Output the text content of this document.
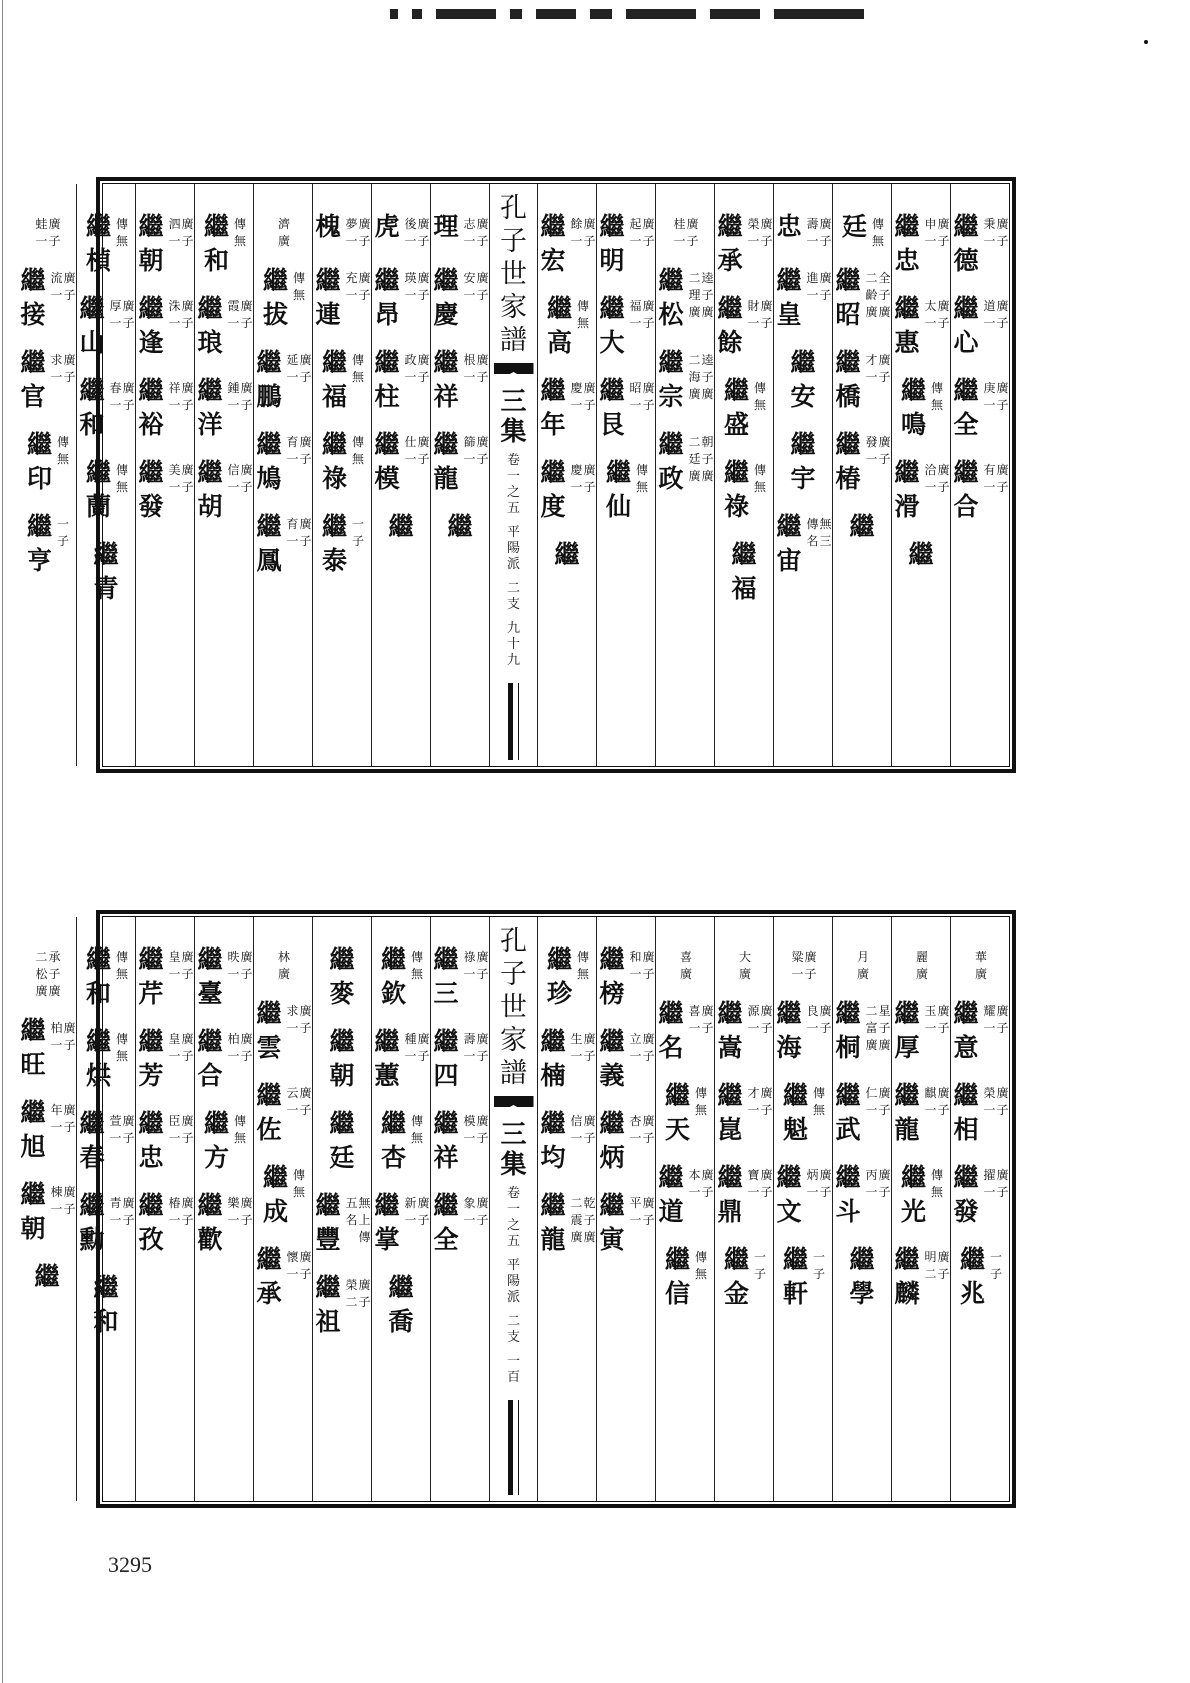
繼
德
廣
子
秉
一
繼
心
廣
子
道
一
繼
全
廣
子
庚
一
繼
合
廣
子
有
一
繼
忠
廣
子
申
一
繼
惠
廣
子
太
一
繼
鳴
傳
無
繼
滑
廣
子
洽
一
繼
廷 傳
無
繼
昭
全
子
廣
二
齡
廣
繼
橋
廣
子
才
一
繼
椿
廣
子
發
一
繼
忠 廣
子
壽
一
繼
皇
廣
子
進
一
繼
安
繼
宇
繼
宙
無
三
傳
名
繼
承
廣
子
榮
一
繼
餘
廣
子
財
一
繼
盛
傳
無
繼
祿
傳
無
繼
福
廣
子
桂
一
繼
松
逵
子
廣
二
理
廣
繼
宗
逵
子
廣
二
海
廣
繼
政
朝
子
廣
二
廷
廣
繼
明
廣
子
起
一
繼
大
廣
子
福
一
繼
艮
廣
子
昭
一
繼
仙
傳
無
繼
宏
廣
子
餘
一
繼
高
傳
無
繼
年
廣
子
慶
一
繼
度
廣
子
慶
一
繼
孔
子
世
家
譜
三
集
卷
一
之
五
平
陽
派
二
支
九
十
九
理 廣
子
志
一
繼
慶
廣
子
安
一
繼
祥
廣
子
根
一
繼
龍
廣
子
篩
一
繼
虎 廣
子
後
一
繼
昂
廣
子
瑛
一
繼
柱
廣
子
政
一
繼
模
廣
子
仕
一
繼
槐 廣
子
夢
一
繼
連
廣
子
充
一
繼
福
傳
無
繼
祿
傳
無
繼
泰
一
子
濟
廣
繼
拔
傳
無
繼
鵬
廣
子
延
一
繼
鳩
廣
子
育
一
繼
鳳
廣
子
育
一
繼
和
傳
無
繼
琅
廣
子
霞
一
繼
洋
廣
子
鍾
一
繼
胡
廣
子
信
一
繼
朝
廣
子
泗
一
繼
逢
廣
子
洙
一
繼
裕
廣
子
祥
一
繼
發
廣
子
美
一
繼
楨
傳
無
繼
山
廣
子
厚
一
繼
和
廣
子
春
一
繼
蘭
傳
無
繼
青
廣
子
蛙
一
繼
接
廣
子
流
一
繼
官
廣
子
求
一
繼
印
傳
無
繼
亨
一
子
華
廣
繼
意
廣
子
耀
一
繼
相
廣
子
榮
一
繼
發
廣
子
擢
一
繼
兆
一
子
麗
廣
繼
厚
廣
子
玉
一
繼
龍
廣
子
麒
一
繼
光
傳
無
繼
麟
廣
子
明
二
月
廣
繼
桐
星
子
廣
二
富
廣
繼
武
廣
子
仁
一
繼
斗
廣
子
丙
一
繼
學
廣
子
粱
一
繼
海
廣
子
良
一
繼
魁
傳
無
繼
文
廣
子
炳
一
繼
軒
一
子
大
廣
繼
嵩
廣
子
源
一
繼
崑
廣
子
才
一
繼
鼎
廣
子
寶
一
繼
金
一
子
喜
廣
繼
名
廣
子
喜
一
繼
天
傳
無
繼
道
廣
子
本
一
繼
信
傳
無
繼
榜
廣
子
和
一
繼
義
廣
子
立
一
繼
炳
廣
子
杏
一
繼
寅
廣
子
平
一
繼
珍
傳
無
繼
楠
廣
子
生
一
繼
均
廣
子
信
一
繼
龍
乾
子
廣
二
震
廣
孔
子
世
家
譜
三
集
卷
一
之
五
平
陽
派
二
支
一
百
繼
三
廣
子
祿
一
繼
四
廣
子
壽
一
繼
祥
廣
子
模
一
繼
全
廣
子
象
一
繼
欽
傳
無
繼
蕙
廣
子
種
一
繼
杏
傳
無
繼
掌
廣
子
新
一
繼
喬
繼
麥
繼
朝
繼
廷
繼
豐
無
上
傳
五
名
繼
祖
廣
子
榮
二
林
廣
繼
雲
廣
子
求
一
繼
佐
廣
子
云
一
繼
成
傳
無
繼
承
廣
子
懷
一
繼
臺
廣
子
昳
一
繼
合
廣
子
柏
一
繼
方
傳
無
繼
歡
廣
子
樂
一
繼
芹
廣
子
皇
一
繼
芳
廣
子
皇
一
繼
忠
廣
子
臣
一
繼
孜
廣
子
椿
一
繼
和
傳
無
繼
烘
傳
無
繼
春
廣
子
萱
一
繼
勳
廣
子
青
一
繼
和
承
子
廣
二
松
廣
繼
旺
廣
子
柏
一
繼
旭
廣
子
年
一
繼
朝
廣
子
棟
一
繼
3295
